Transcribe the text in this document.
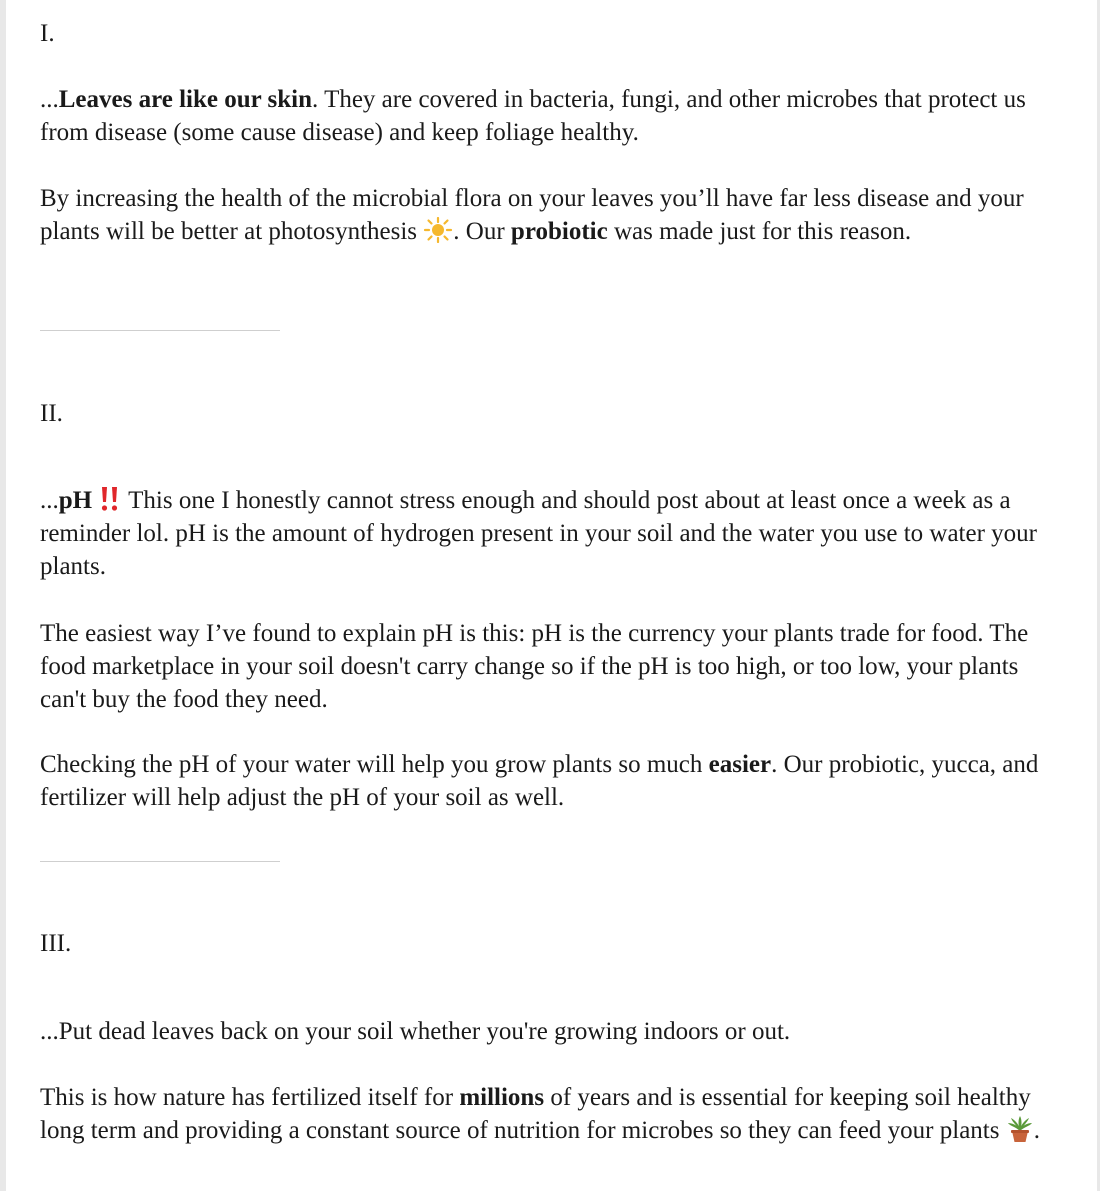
I.

...Leaves are like our skin. They are covered in bacteria, fungi, and other microbes that protect us from disease (some cause disease) and keep foliage healthy.

By increasing the health of the microbial flora on your leaves you’ll have far less disease and your plants will be better at photosynthesis . Our probiotic was made just for this reason.

II.

...pH  This one I honestly cannot stress enough and should post about at least once a week as a reminder lol. pH is the amount of hydrogen present in your soil and the water you use to water your plants.

The easiest way I’ve found to explain pH is this: pH is the currency your plants trade for food. The food marketplace in your soil doesn't carry change so if the pH is too high, or too low, your plants can't buy the food they need.

Checking the pH of your water will help you grow plants so much easier. Our probiotic, yucca, and fertilizer will help adjust the pH of your soil as well.

III.

...Put dead leaves back on your soil whether you're growing indoors or out.

This is how nature has fertilized itself for millions of years and is essential for keeping soil healthy long term and providing a constant source of nutrition for microbes so they can feed your plants .
